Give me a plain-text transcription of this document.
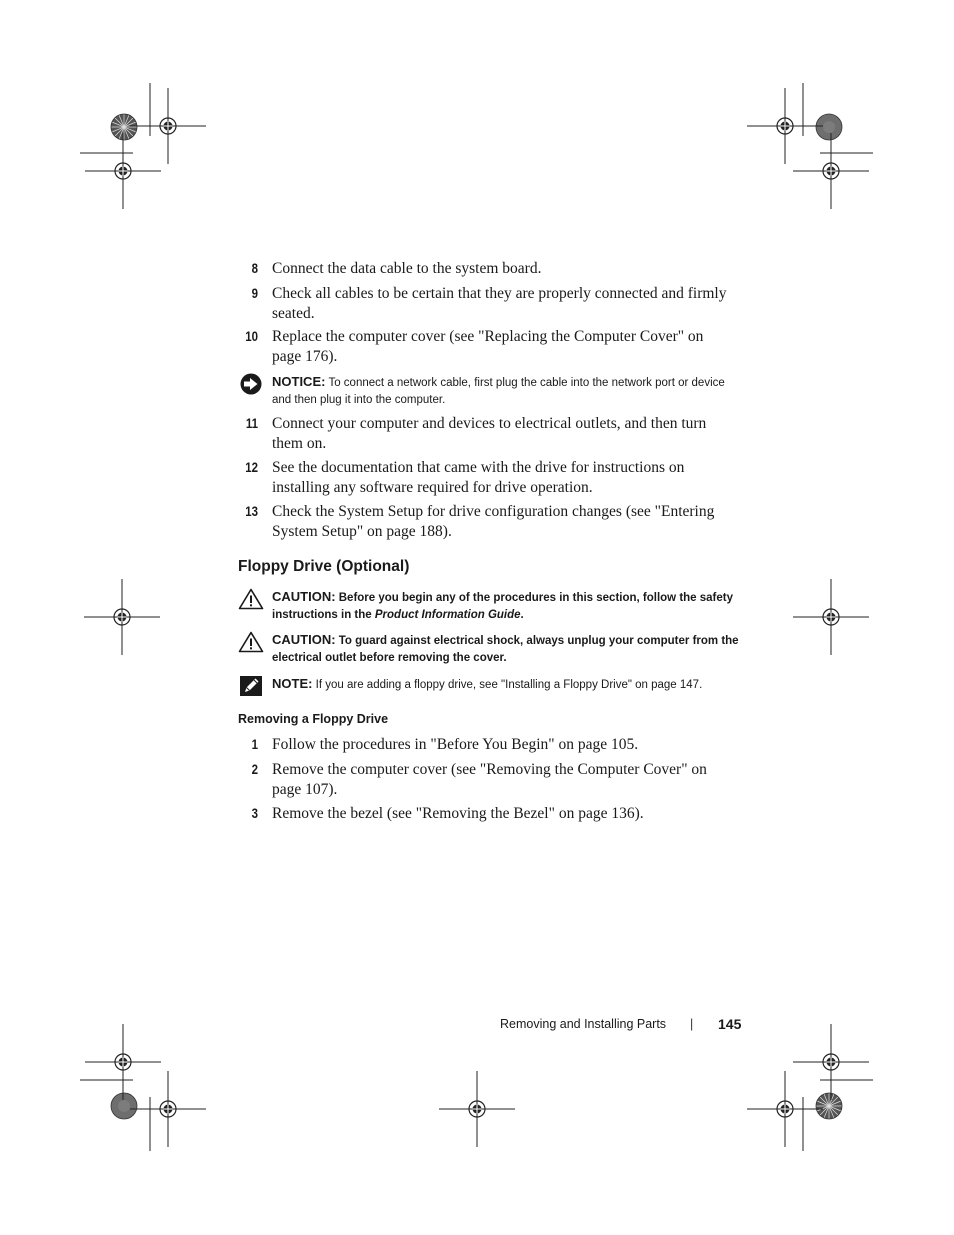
8 Connect the data cable to the system board.
9 Check all cables to be certain that they are properly connected and firmly seated.
10 Replace the computer cover (see "Replacing the Computer Cover" on page 176).
NOTICE: To connect a network cable, first plug the cable into the network port or device and then plug it into the computer.
11 Connect your computer and devices to electrical outlets, and then turn them on.
12 See the documentation that came with the drive for instructions on installing any software required for drive operation.
13 Check the System Setup for drive configuration changes (see "Entering System Setup" on page 188).
Floppy Drive (Optional)
CAUTION: Before you begin any of the procedures in this section, follow the safety instructions in the Product Information Guide.
CAUTION: To guard against electrical shock, always unplug your computer from the electrical outlet before removing the cover.
NOTE: If you are adding a floppy drive, see "Installing a Floppy Drive" on page 147.
Removing a Floppy Drive
1 Follow the procedures in "Before You Begin" on page 105.
2 Remove the computer cover (see "Removing the Computer Cover" on page 107).
3 Remove the bezel (see "Removing the Bezel" on page 136).
Removing and Installing Parts | 145
